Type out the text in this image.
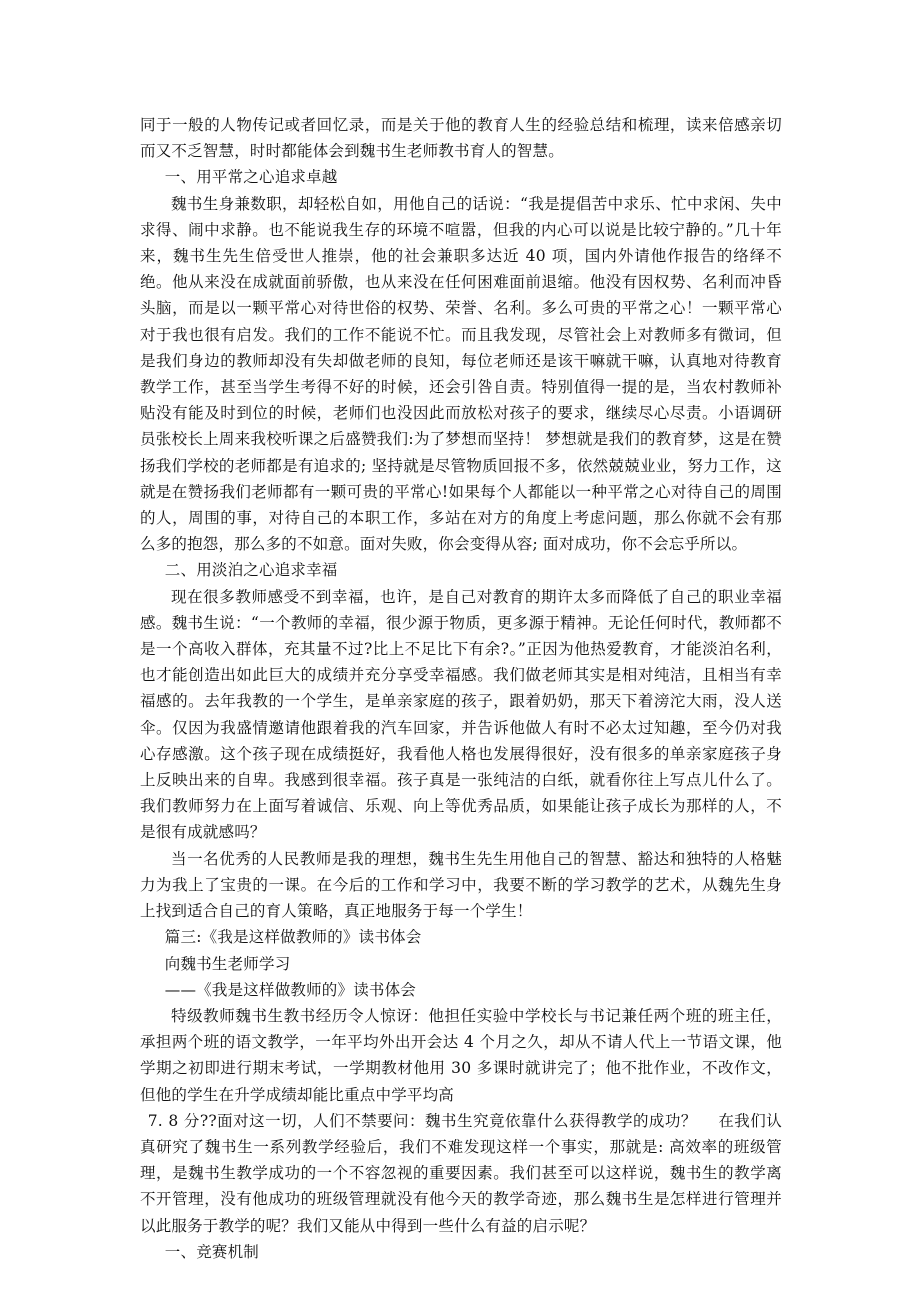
同于一般的人物传记或者回忆录，而是关于他的教育人生的经验总结和梳理，读来倍感亲切而又不乏智慧，时时都能体会到魏书生老师教书育人的智慧。

一、用平常之心追求卓越

魏书生身兼数职，却轻松自如，用他自己的话说：“我是提倡苦中求乐、忙中求闲、失中求得、闹中求静。也不能说我生存的环境不喧嚣，但我的内心可以说是比较宁静的。”几十年来，魏书生先生倍受世人推崇，他的社会兼职多达近 40 项，国内外请他作报告的络绎不绝。他从来没在成就面前骄傲，也从来没在任何困难面前退缩。他没有因权势、名利而冲昏头脑，而是以一颗平常心对待世俗的权势、荣誉、名利。多么可贵的平常之心！一颗平常心对于我也很有启发。我们的工作不能说不忙。而且我发现，尽管社会上对教师多有微词，但是我们身边的教师却没有失却做老师的良知，每位老师还是该干嘛就干嘛，认真地对待教育教学工作，甚至当学生考得不好的时候，还会引咎自责。特别值得一提的是，当农村教师补贴没有能及时到位的时候，老师们也没因此而放松对孩子的要求，继续尽心尽责。小语调研员张校长上周来我校听课之后盛赞我们:为了梦想而坚持！ 梦想就是我们的教育梦，这是在赞扬我们学校的老师都是有追求的; 坚持就是尽管物质回报不多，依然兢兢业业，努力工作，这就是在赞扬我们老师都有一颗可贵的平常心!如果每个人都能以一种平常之心对待自己的周围的人，周围的事，对待自己的本职工作，多站在对方的角度上考虑问题，那么你就不会有那么多的抱怨，那么多的不如意。面对失败，你会变得从容; 面对成功，你不会忘乎所以。

二、用淡泊之心追求幸福

现在很多教师感受不到幸福，也许，是自己对教育的期许太多而降低了自己的职业幸福感。魏书生说：“一个教师的幸福，很少源于物质，更多源于精神。无论任何时代，教师都不是一个高收入群体，充其量不过?比上不足比下有余?。”正因为他热爱教育，才能淡泊名利，也才能创造出如此巨大的成绩并充分享受幸福感。我们做老师其实是相对纯洁，且相当有幸福感的。去年我教的一个学生，是单亲家庭的孩子，跟着奶奶，那天下着滂沱大雨，没人送伞。仅因为我盛情邀请他跟着我的汽车回家，并告诉他做人有时不必太过知趣，至今仍对我心存感激。这个孩子现在成绩挺好，我看他人格也发展得很好，没有很多的单亲家庭孩子身上反映出来的自卑。我感到很幸福。孩子真是一张纯洁的白纸，就看你往上写点儿什么了。我们教师努力在上面写着诚信、乐观、向上等优秀品质，如果能让孩子成长为那样的人，不是很有成就感吗？

当一名优秀的人民教师是我的理想，魏书生先生用他自己的智慧、豁达和独特的人格魅力为我上了宝贵的一课。在今后的工作和学习中，我要不断的学习教学的艺术，从魏先生身上找到适合自己的育人策略，真正地服务于每一个学生！

篇三:《我是这样做教师的》读书体会

向魏书生老师学习

——《我是这样做教师的》读书体会

特级教师魏书生教书经历令人惊讶：他担任实验中学校长与书记兼任两个班的班主任，承担两个班的语文教学，一年平均外出开会达 4 个月之久，却从不请人代上一节语文课，他学期之初即进行期末考试，一学期教材他用 30 多课时就讲完了；他不批作业，不改作文，但他的学生在升学成绩却能比重点中学平均高

7. 8 分??面对这一切，人们不禁要问：魏书生究竟依靠什么获得教学的成功？　 在我们认真研究了魏书生一系列教学经验后，我们不难发现这样一个事实，那就是: 高效率的班级管理，是魏书生教学成功的一个不容忽视的重要因素。我们甚至可以这样说，魏书生的教学离不开管理，没有他成功的班级管理就没有他今天的教学奇迹，那么魏书生是怎样进行管理并以此服务于教学的呢？我们又能从中得到一些什么有益的启示呢？

一、竞赛机制
